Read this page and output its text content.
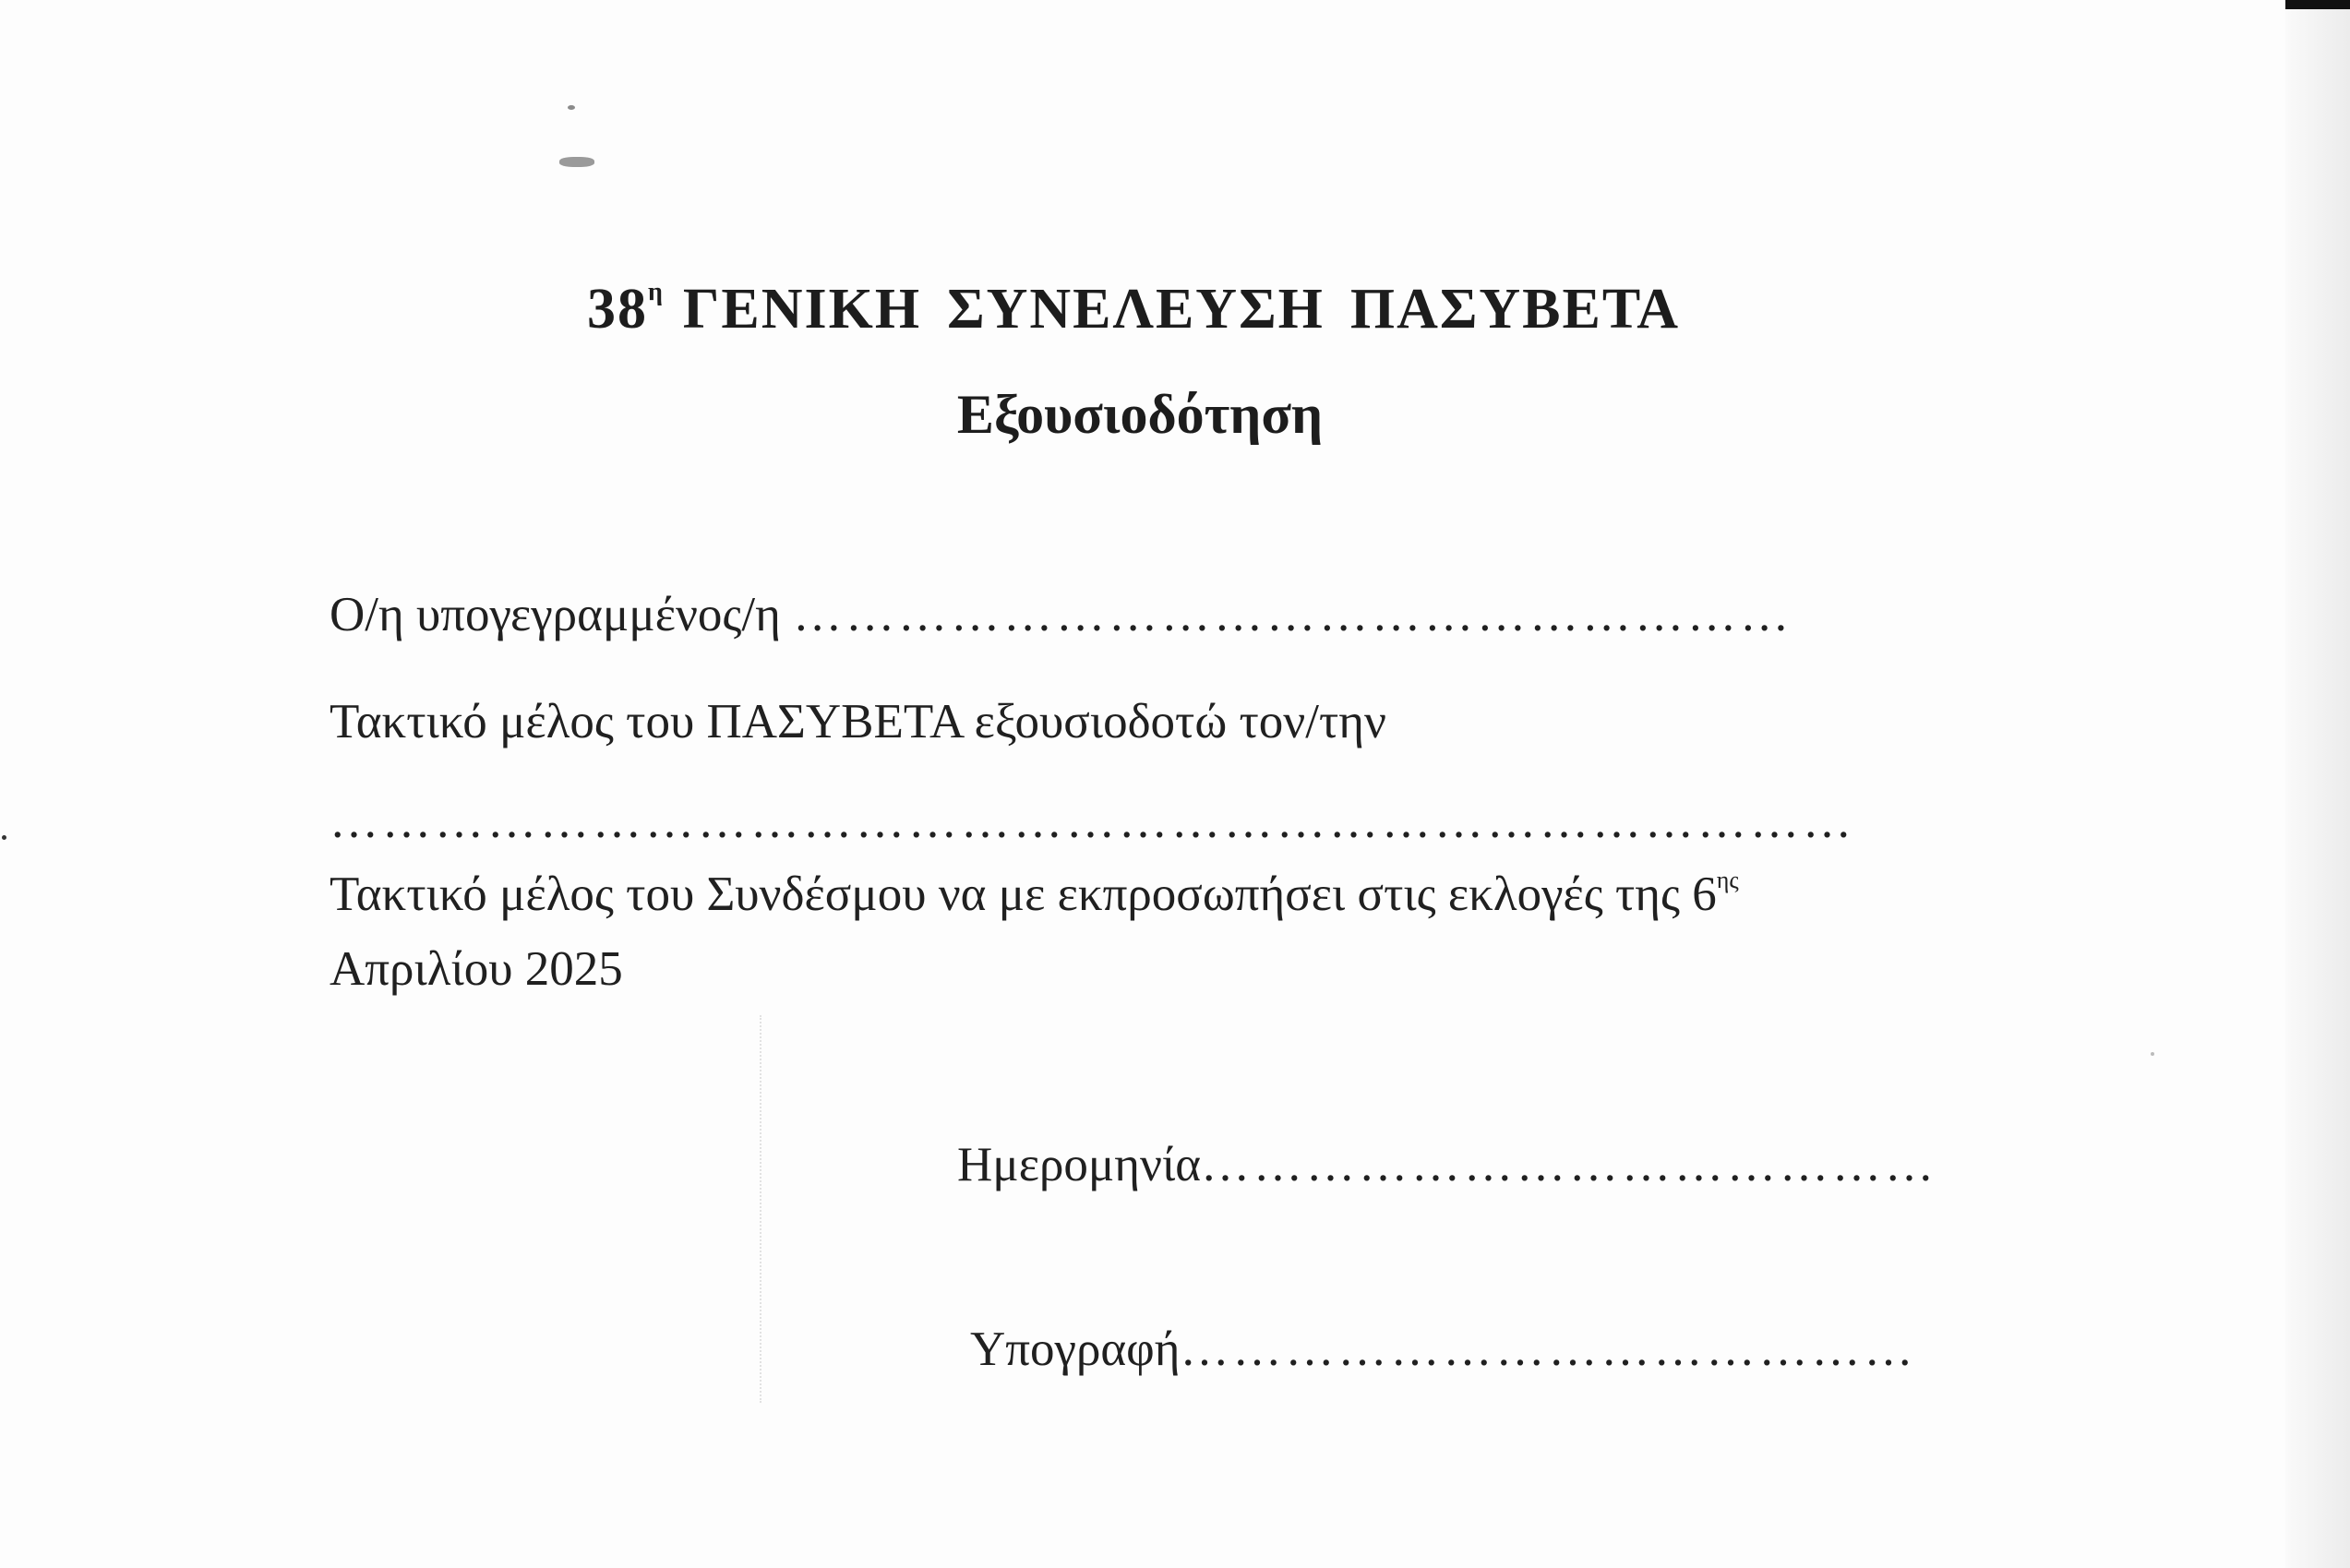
$38^\eta$ ΓΕΝΙΚΗ ΣΥΝΕΛΕΥΣΗ ΠΑΣΥΒΕΤΑ
Εξουσιοδότηση
Ο/η υπογεγραμμένος/η …………………………………………………
Τακτικό μέλος του ΠΑΣΥΒΕΤΑ εξουσιοδοτώ τον/την
……………………………………………………………………………
Τακτικό μέλος του Συνδέσμου να με εκπροσωπήσει στις εκλογές της $6^{\eta\varsigma}$
Απριλίου 2025
Ημερομηνία……………………………………
Υπογραφή……………………………………
